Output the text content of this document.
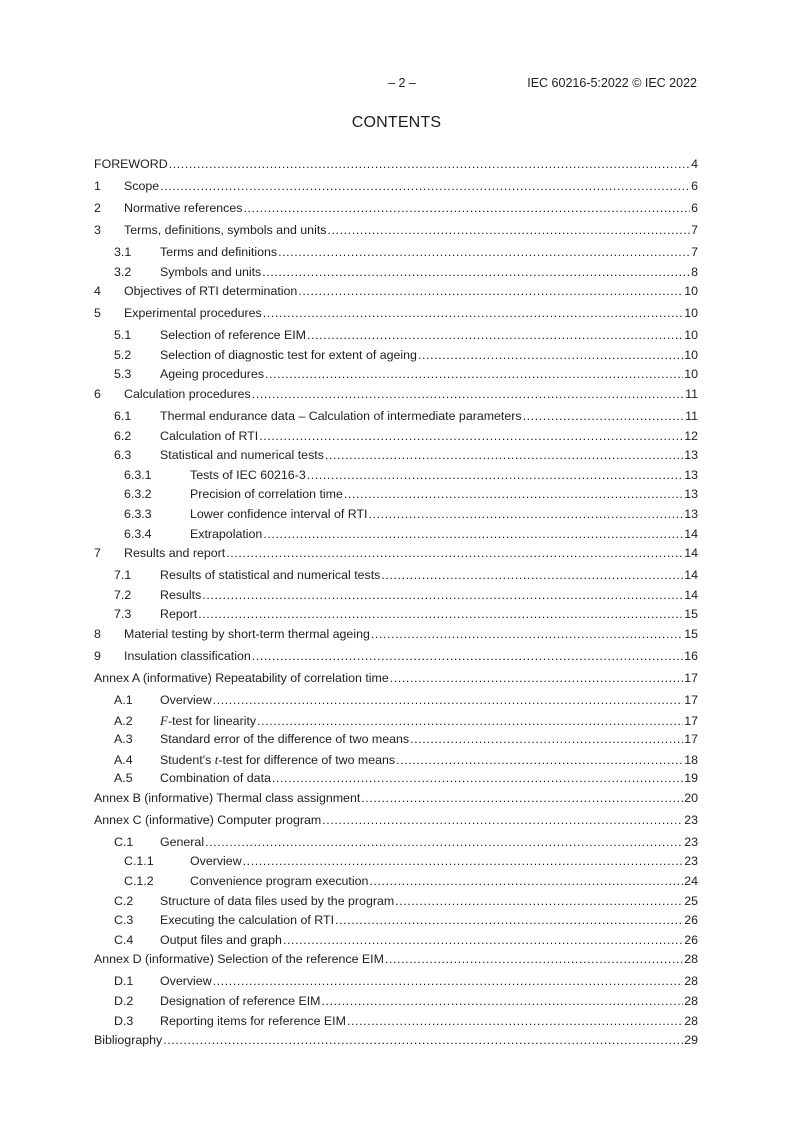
– 2 –	IEC 60216-5:2022 © IEC 2022
CONTENTS
FOREWORD .....	4
1	Scope .....	6
2	Normative references .....	6
3	Terms, definitions, symbols and units .....	7
3.1	Terms and definitions .....	7
3.2	Symbols and units .....	8
4	Objectives of RTI determination .....	10
5	Experimental procedures .....	10
5.1	Selection of reference EIM .....	10
5.2	Selection of diagnostic test for extent of ageing .....	10
5.3	Ageing procedures .....	10
6	Calculation procedures .....	11
6.1	Thermal endurance data – Calculation of intermediate parameters .....	11
6.2	Calculation of RTI .....	12
6.3	Statistical and numerical tests .....	13
6.3.1	Tests of IEC 60216-3 .....	13
6.3.2	Precision of correlation time .....	13
6.3.3	Lower confidence interval of RTI .....	13
6.3.4	Extrapolation .....	14
7	Results and report .....	14
7.1	Results of statistical and numerical tests .....	14
7.2	Results .....	14
7.3	Report .....	15
8	Material testing by short-term thermal ageing .....	15
9	Insulation classification .....	16
Annex A (informative) Repeatability of correlation time .....	17
A.1	Overview .....	17
A.2	F-test for linearity .....	17
A.3	Standard error of the difference of two means .....	17
A.4	Student's t-test for difference of two means .....	18
A.5	Combination of data .....	19
Annex B (informative) Thermal class assignment .....	20
Annex C (informative) Computer program .....	23
C.1	General .....	23
C.1.1	Overview .....	23
C.1.2	Convenience program execution .....	24
C.2	Structure of data files used by the program .....	25
C.3	Executing the calculation of RTI .....	26
C.4	Output files and graph .....	26
Annex D (informative) Selection of the reference EIM .....	28
D.1	Overview .....	28
D.2	Designation of reference EIM .....	28
D.3	Reporting items for reference EIM .....	28
Bibliography .....	29
